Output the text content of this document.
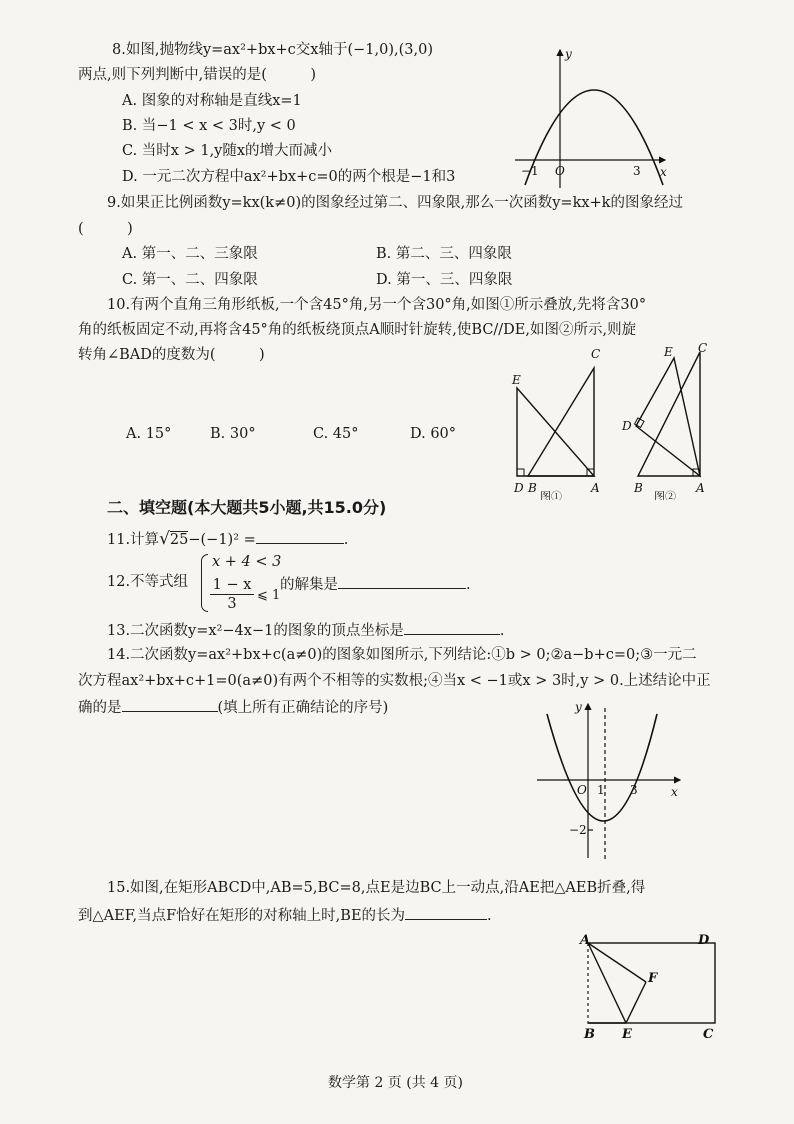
8.如图,抛物线y=ax²+bx+c交x轴于(−1,0),(3,0)
两点,则下列判断中,错误的是(　　　)
A. 图象的对称轴是直线x=1
B. 当−1 < x < 3时,y < 0
C. 当时x > 1,y随x的增大而减小
D. 一元二次方程中ax²+bx+c=0的两个根是−1和3
y
x
−1 O	3
9.如果正比例函数y=kx(k≠0)的图象经过第二、四象限,那么一次函数y=kx+k的图象经过
(　　　)
A. 第一、二、三象限	B. 第二、三、四象限
C. 第一、二、四象限	D. 第一、三、四象限
10.有两个直角三角形纸板,一个含45°角,另一个含30°角,如图①所示叠放,先将含30°
角的纸板固定不动,再将含45°角的纸板绕顶点A顺时针旋转,使BC//DE,如图②所示,则旋
转角∠BAD的度数为(　　　)
A. 15°	B. 30°	C. 45°	D. 60°
C
E
D B	A
图①
C
E
D
B	A
图②
二、填空题(本大题共5小题,共15.0分)
11.计算√25−(−1)² =	.
12.不等式组
x + 4 < 3
1 − x
3
⩽ 1
的解集是	.
13.二次函数y=x²−4x−1的图象的顶点坐标是	.
14.二次函数y=ax²+bx+c(a≠0)的图象如图所示,下列结论:①b > 0;②a−b+c=0;③一元二
次方程ax²+bx+c+1=0(a≠0)有两个不相等的实数根;④当x < −1或x > 3时,y > 0.上述结论中正
确的是	(填上所有正确结论的序号)	y
x
O 1 3
−2
15.如图,在矩形ABCD中,AB=5,BC=8,点E是边BC上一动点,沿AE把△AEB折叠,得
到△AEF,当点F恰好在矩形的对称轴上时,BE的长为	.
A	D
F
B E	C
数学第 2 页 (共 4 页)
